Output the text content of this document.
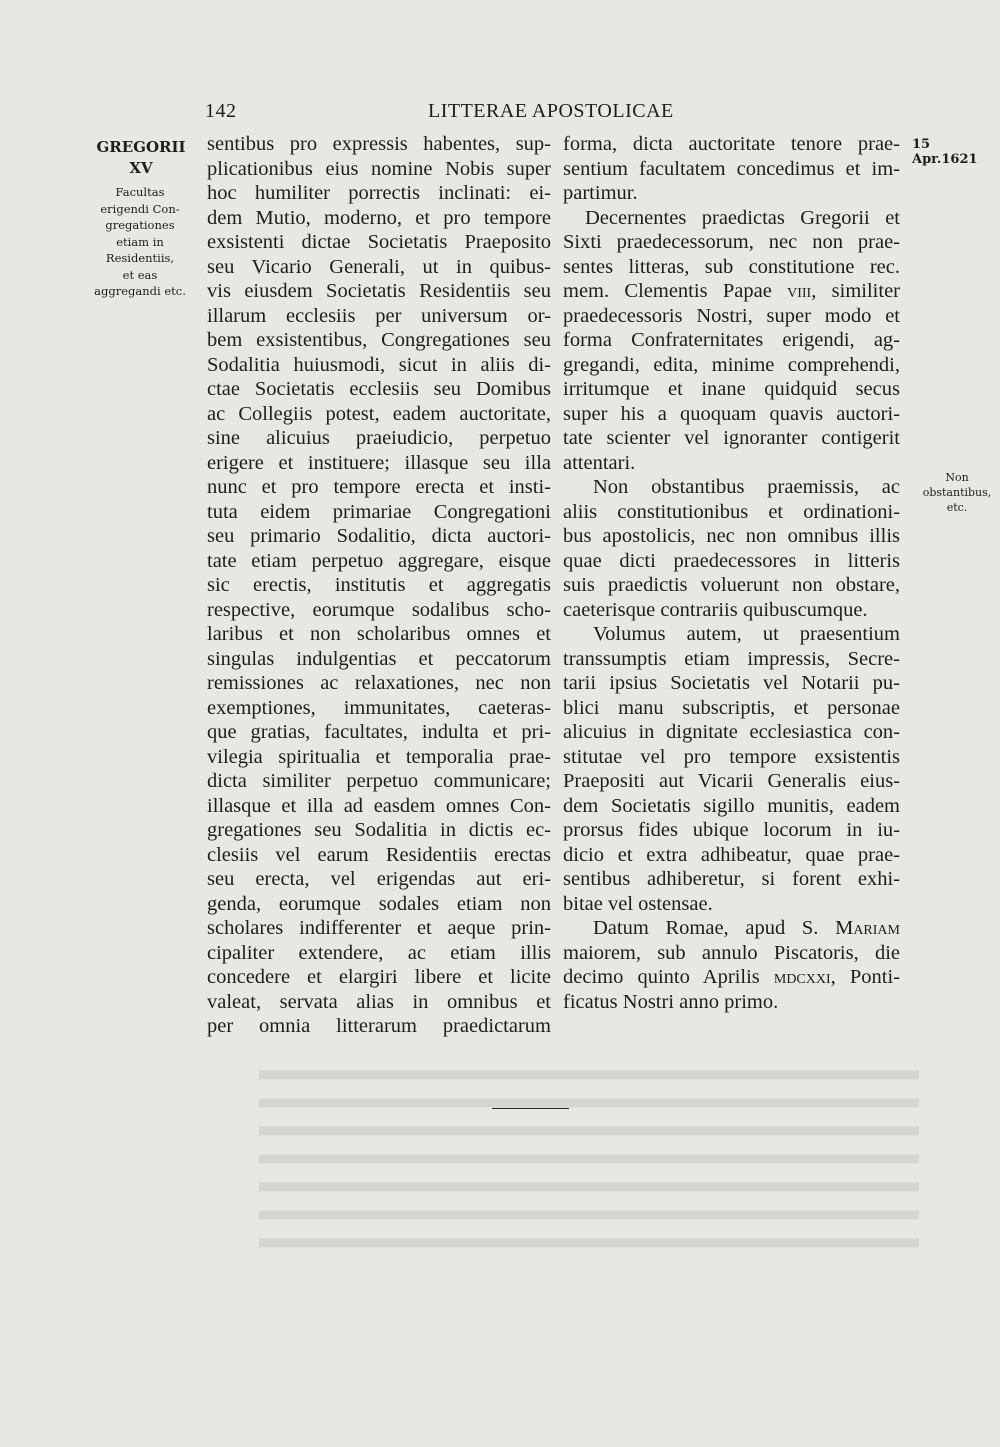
142	LITTERAE APOSTOLICAE
GREGORII
XV
Facultas
erigendi Con-
gregationes
etiam in
Residentiis,
et eas
aggregandi etc.
15 Apr.1621
Non
obstantibus,
etc.
sentibus pro expressis habentes, sup-
plicationibus eius nomine Nobis super
hoc humiliter porrectis inclinati: ei-
dem Mutio, moderno, et pro tempore
exsistenti dictae Societatis Praeposito
seu Vicario Generali, ut in quibus-
vis eiusdem Societatis Residentiis seu
illarum ecclesiis per universum or-
bem exsistentibus, Congregationes seu
Sodalitia huiusmodi, sicut in aliis di-
ctae Societatis ecclesiis seu Domibus
ac Collegiis potest, eadem auctoritate,
sine alicuius praeiudicio, perpetuo
erigere et instituere; illasque seu illa
nunc et pro tempore erecta et insti-
tuta eidem primariae Congregationi
seu primario Sodalitio, dicta auctori-
tate etiam perpetuo aggregare, eisque
sic erectis, institutis et aggregatis
respective, eorumque sodalibus scho-
laribus et non scholaribus omnes et
singulas indulgentias et peccatorum
remissiones ac relaxationes, nec non
exemptiones, immunitates, caeteras-
que gratias, facultates, indulta et pri-
vilegia spiritualia et temporalia prae-
dicta similiter perpetuo communicare;
illasque et illa ad easdem omnes Con-
gregationes seu Sodalitia in dictis ec-
clesiis vel earum Residentiis erectas
seu erecta, vel erigendas aut eri-
genda, eorumque sodales etiam non
scholares indifferenter et aeque prin-
cipaliter extendere, ac etiam illis
concedere et elargiri libere et licite
valeat, servata alias in omnibus et
per omnia litterarum praedictarum
forma, dicta auctoritate tenore prae-
sentium facultatem concedimus et im-
partimur.
Decernentes praedictas Gregorii et
Sixti praedecessorum, nec non prae-
sentes litteras, sub constitutione rec.
mem. Clementis Papae viii, similiter
praedecessoris Nostri, super modo et
forma Confraternitates erigendi, ag-
gregandi, edita, minime comprehendi,
irritumque et inane quidquid secus
super his a quoquam quavis auctori-
tate scienter vel ignoranter contigerit
attentari.
Non obstantibus praemissis, ac
aliis constitutionibus et ordinationi-
bus apostolicis, nec non omnibus illis
quae dicti praedecessores in litteris
suis praedictis voluerunt non obstare,
caeterisque contrariis quibuscumque.
Volumus autem, ut praesentium
transsumptis etiam impressis, Secre-
tarii ipsius Societatis vel Notarii pu-
blici manu subscriptis, et personae
alicuius in dignitate ecclesiastica con-
stitutae vel pro tempore exsistentis
Praepositi aut Vicarii Generalis eius-
dem Societatis sigillo munitis, eadem
prorsus fides ubique locorum in iu-
dicio et extra adhibeatur, quae prae-
sentibus adhiberetur, si forent exhi-
bitae vel ostensae.
Datum Romae, apud S. Mariam
maiorem, sub annulo Piscatoris, die
decimo quinto Aprilis mdcxxi, Ponti-
ficatus Nostri anno primo.
